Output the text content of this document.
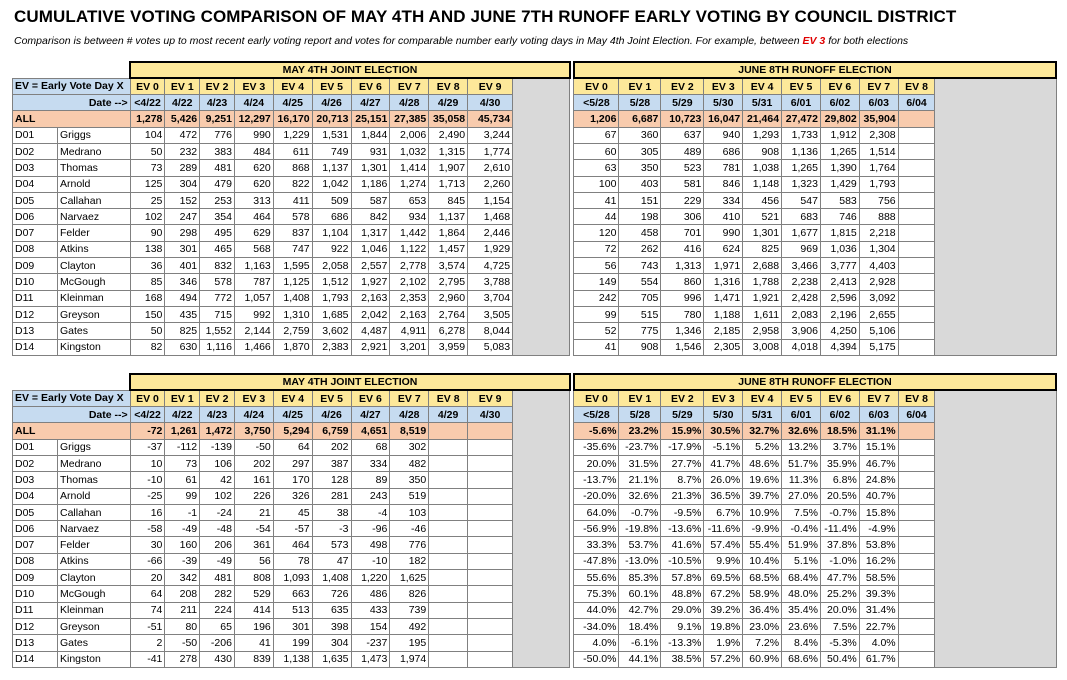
CUMULATIVE VOTING COMPARISON OF MAY 4TH AND JUNE 7TH RUNOFF EARLY VOTING BY COUNCIL DISTRICT
Comparison is between # votes up to most recent early voting report and votes for comparable number early voting days in May 4th Joint Election. For example, between EV 3 for both elections
		MAY 4TH JOINT ELECTION												JUNE 8TH RUNOFF ELECTION									
EV = Early Vote Day X		EV 0	EV 1	EV 2	EV 3	EV 4	EV 5	EV 6	EV 7	EV 8	EV 9			EV 0	EV 1	EV 2	EV 3	EV 4	EV 5	EV 6	EV 7	EV 8	
Date -->		<4/22	4/22	4/23	4/24	4/25	4/26	4/27	4/28	4/29	4/30			<5/28	5/28	5/29	5/30	5/31	6/01	6/02	6/03	6/04	
ALL		1,278	5,426	9,251	12,297	16,170	20,713	25,151	27,385	35,058	45,734			1,206	6,687	10,723	16,047	21,464	27,472	29,802	35,904		
D01	Griggs	104	472	776	990	1,229	1,531	1,844	2,006	2,490	3,244			67	360	637	940	1,293	1,733	1,912	2,308		
D02	Medrano	50	232	383	484	611	749	931	1,032	1,315	1,774			60	305	489	686	908	1,136	1,265	1,514		
D03	Thomas	73	289	481	620	868	1,137	1,301	1,414	1,907	2,610			63	350	523	781	1,038	1,265	1,390	1,764		
D04	Arnold	125	304	479	620	822	1,042	1,186	1,274	1,713	2,260			100	403	581	846	1,148	1,323	1,429	1,793		
D05	Callahan	25	152	253	313	411	509	587	653	845	1,154			41	151	229	334	456	547	583	756		
D06	Narvaez	102	247	354	464	578	686	842	934	1,137	1,468			44	198	306	410	521	683	746	888		
D07	Felder	90	298	495	629	837	1,104	1,317	1,442	1,864	2,446			120	458	701	990	1,301	1,677	1,815	2,218		
D08	Atkins	138	301	465	568	747	922	1,046	1,122	1,457	1,929			72	262	416	624	825	969	1,036	1,304		
D09	Clayton	36	401	832	1,163	1,595	2,058	2,557	2,778	3,574	4,725			56	743	1,313	1,971	2,688	3,466	3,777	4,403		
D10	McGough	85	346	578	787	1,125	1,512	1,927	2,102	2,795	3,788			149	554	860	1,316	1,788	2,238	2,413	2,928		
D11	Kleinman	168	494	772	1,057	1,408	1,793	2,163	2,353	2,960	3,704			242	705	996	1,471	1,921	2,428	2,596	3,092		
D12	Greyson	150	435	715	992	1,310	1,685	2,042	2,163	2,764	3,505			99	515	780	1,188	1,611	2,083	2,196	2,655		
D13	Gates	50	825	1,552	2,144	2,759	3,602	4,487	4,911	6,278	8,044			52	775	1,346	2,185	2,958	3,906	4,250	5,106		
D14	Kingston	82	630	1,116	1,466	1,870	2,383	2,921	3,201	3,959	5,083			41	908	1,546	2,305	3,008	4,018	4,394	5,175		
		MAY 4TH JOINT ELECTION												JUNE 8TH RUNOFF ELECTION									
EV = Early Vote Day X		EV 0	EV 1	EV 2	EV 3	EV 4	EV 5	EV 6	EV 7	EV 8	EV 9			EV 0	EV 1	EV 2	EV 3	EV 4	EV 5	EV 6	EV 7	EV 8	
Date -->		<4/22	4/22	4/23	4/24	4/25	4/26	4/27	4/28	4/29	4/30			<5/28	5/28	5/29	5/30	5/31	6/01	6/02	6/03	6/04	
ALL		-72	1,261	1,472	3,750	5,294	6,759	4,651	8,519					-5.6%	23.2%	15.9%	30.5%	32.7%	32.6%	18.5%	31.1%		
D01	Griggs	-37	-112	-139	-50	64	202	68	302					-35.6%	-23.7%	-17.9%	-5.1%	5.2%	13.2%	3.7%	15.1%		
D02	Medrano	10	73	106	202	297	387	334	482					20.0%	31.5%	27.7%	41.7%	48.6%	51.7%	35.9%	46.7%		
D03	Thomas	-10	61	42	161	170	128	89	350					-13.7%	21.1%	8.7%	26.0%	19.6%	11.3%	6.8%	24.8%		
D04	Arnold	-25	99	102	226	326	281	243	519					-20.0%	32.6%	21.3%	36.5%	39.7%	27.0%	20.5%	40.7%		
D05	Callahan	16	-1	-24	21	45	38	-4	103					64.0%	-0.7%	-9.5%	6.7%	10.9%	7.5%	-0.7%	15.8%		
D06	Narvaez	-58	-49	-48	-54	-57	-3	-96	-46					-56.9%	-19.8%	-13.6%	-11.6%	-9.9%	-0.4%	-11.4%	-4.9%		
D07	Felder	30	160	206	361	464	573	498	776					33.3%	53.7%	41.6%	57.4%	55.4%	51.9%	37.8%	53.8%		
D08	Atkins	-66	-39	-49	56	78	47	-10	182					-47.8%	-13.0%	-10.5%	9.9%	10.4%	5.1%	-1.0%	16.2%		
D09	Clayton	20	342	481	808	1,093	1,408	1,220	1,625					55.6%	85.3%	57.8%	69.5%	68.5%	68.4%	47.7%	58.5%		
D10	McGough	64	208	282	529	663	726	486	826					75.3%	60.1%	48.8%	67.2%	58.9%	48.0%	25.2%	39.3%		
D11	Kleinman	74	211	224	414	513	635	433	739					44.0%	42.7%	29.0%	39.2%	36.4%	35.4%	20.0%	31.4%		
D12	Greyson	-51	80	65	196	301	398	154	492					-34.0%	18.4%	9.1%	19.8%	23.0%	23.6%	7.5%	22.7%		
D13	Gates	2	-50	-206	41	199	304	-237	195					4.0%	-6.1%	-13.3%	1.9%	7.2%	8.4%	-5.3%	4.0%		
D14	Kingston	-41	278	430	839	1,138	1,635	1,473	1,974					-50.0%	44.1%	38.5%	57.2%	60.9%	68.6%	50.4%	61.7%		
